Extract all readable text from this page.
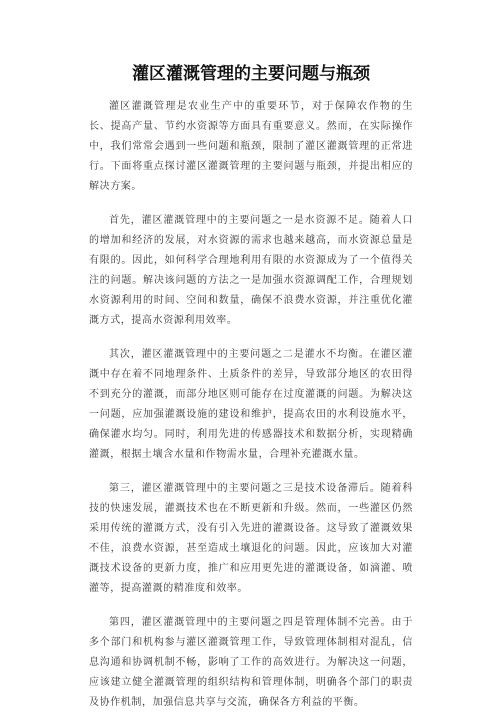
灌区灌溉管理的主要问题与瓶颈

灌区灌溉管理是农业生产中的重要环节，对于保障农作物的生长、提高产量、节约水资源等方面具有重要意义。然而，在实际操作中，我们常常会遇到一些问题和瓶颈，限制了灌区灌溉管理的正常进行。下面将重点探讨灌区灌溉管理的主要问题与瓶颈，并提出相应的解决方案。

首先，灌区灌溉管理中的主要问题之一是水资源不足。随着人口的增加和经济的发展，对水资源的需求也越来越高，而水资源总量是有限的。因此，如何科学合理地利用有限的水资源成为了一个值得关注的问题。解决该问题的方法之一是加强水资源调配工作，合理规划水资源利用的时间、空间和数量，确保不浪费水资源，并注重优化灌溉方式，提高水资源利用效率。

其次，灌区灌溉管理中的主要问题之二是灌水不均衡。在灌区灌溉中存在着不同地理条件、土质条件的差异，导致部分地区的农田得不到充分的灌溉，而部分地区则可能存在过度灌溉的问题。为解决这一问题，应加强灌溉设施的建设和维护，提高农田的水利设施水平，确保灌水均匀。同时，利用先进的传感器技术和数据分析，实现精确灌溉，根据土壤含水量和作物需水量，合理补充灌溉水量。

第三，灌区灌溉管理中的主要问题之三是技术设备滞后。随着科技的快速发展，灌溉技术也在不断更新和升级。然而，一些灌区仍然采用传统的灌溉方式，没有引入先进的灌溉设备。这导致了灌溉效果不佳，浪费水资源，甚至造成土壤退化的问题。因此，应该加大对灌溉技术设备的更新力度，推广和应用更先进的灌溉设备，如滴灌、喷灌等，提高灌溉的精准度和效率。

第四，灌区灌溉管理中的主要问题之四是管理体制不完善。由于多个部门和机构参与灌区灌溉管理工作，导致管理体制相对混乱，信息沟通和协调机制不畅，影响了工作的高效进行。为解决这一问题，应该建立健全灌溉管理的组织结构和管理体制，明确各个部门的职责及协作机制，加强信息共享与交流，确保各方利益的平衡。
